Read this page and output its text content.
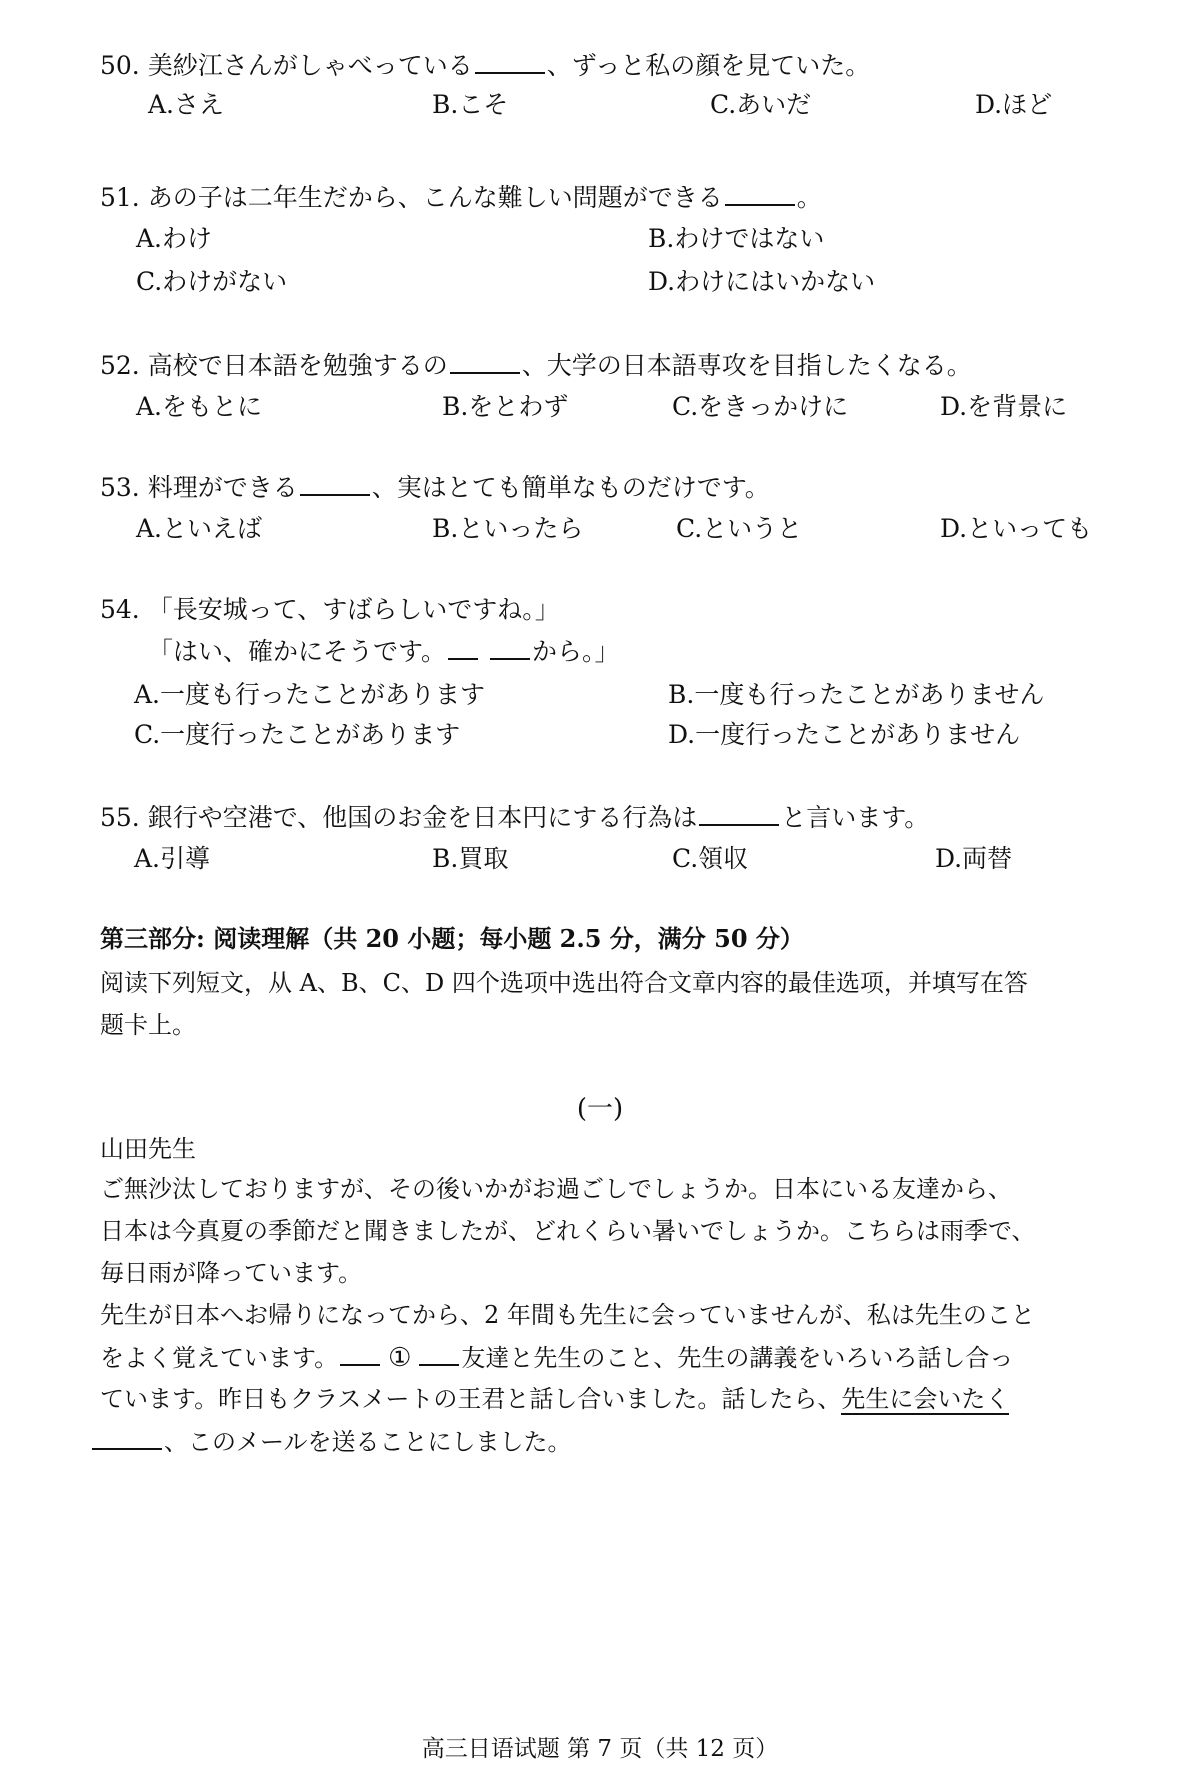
50. 美紗江さんがしゃべっている	、ずっと私の顔を見ていた。
A.さえ	B.こそ	C.あいだ	D.ほど
51. あの子は二年生だから、こんな難しい問題ができる	。
A.わけ	B.わけではない
C.わけがない	D.わけにはいかない
52. 高校で日本語を勉強するの	、大学の日本語専攻を目指したくなる。
A.をもとに	B.をとわず	C.をきっかけに	D.を背景に
53. 料理ができる	、実はとても簡単なものだけです。
A.といえば	B.といったら	C.というと	D.といっても
54. 「長安城って、すばらしいですね。」
「はい、確かにそうです。	から。」
A.一度も行ったことがあります	B.一度も行ったことがありません
C.一度行ったことがあります	D.一度行ったことがありません
55. 銀行や空港で、他国のお金を日本円にする行為は	と言います。
A.引導	B.買取	C.領収	D.両替
第三部分: 阅读理解（共 20 小题；每小题 2.5 分，满分 50 分）
阅读下列短文，从 A、B、C、D 四个选项中选出符合文章内容的最佳选项，并填写在答
题卡上。
(一)
山田先生
ご無沙汰しておりますが、その後いかがお過ごしでしょうか。日本にいる友達から、
日本は今真夏の季節だと聞きましたが、どれくらい暑いでしょうか。こちらは雨季で、
毎日雨が降っています。
先生が日本へお帰りになってから、2 年間も先生に会っていませんが、私は先生のこと
をよく覚えています。 ① 友達と先生のこと、先生の講義をいろいろ話し合っ
ています。昨日もクラスメートの王君と話し合いました。話したら、先生に会いたく
、このメールを送ることにしました。
高三日语试题 第 7 页（共 12 页）
